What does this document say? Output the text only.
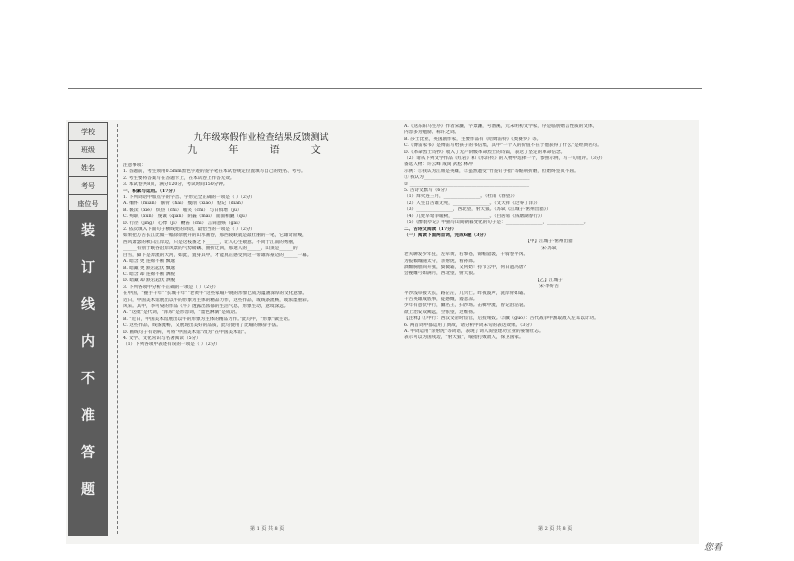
学校
班级
姓名
考号
座位号
装
订
线
内
不
准
答
题

九年级寒假作业检查结果反馈测试

九 年 语 文

注意事项：

1. 答题前，考生须用0.5mm黑色字迹的签字笔在本试卷规定位置填写自己的姓名、考号。

2. 考生要将答案写在答题卡上，在本试卷上作答无效。

3. 本试卷共8页，满分120分，考试时间150分钟。

一、积累与运用。（17分）

1. 下列词语中加点字的字音、字形完全正确的一项是（ ）（2分）

A. 缅怀（miǎn） 骸骨（hái） 瘦削（xiāo） 惦记（diàn）

B. 亵渎（xiè） 炽热（chì） 嗤笑（chī） 与日俱增（jù）

C. 殉职（xùn） 虔诚（qián） 阴霾（mái） 面面相觑（qù）

D. 行径（jìng） 心悸（jì） 鞭笞（chī） 言简意赅（gāi）

2. 依次填入下面句子横线处的词语，最恰当的一项是（ ）（2分）

如果把万古长江比做一幅徐徐展开的山水画卷，那西陵峡就是最壮丽的一笔，它雄奇险峻，

西风萧瑟的秋日江岸边，只是这枝番之下______，让人心生敬意。不同于江南的秀丽，

______有别于峡谷沿岸风景的气势磅礴、曲折迂回，那迷人的______，山顶是______的

白雪，脚下是奔流的大河，如此，置身其中，才能真正感受到这一带雄浑豪迈的______一幕。

A. 暗含 更 连绵不断 飘逸

B. 暗藏 更 跌宕起伏 飘逸

C. 暗含 却 连绵不断 洒脱

D. 暗藏 却 跌宕起伏 洒脱

3. 下列各项中分析不正确的一项是（ ）（2分）

在中国，“握手千年”“长城千年”“老黄牛”这些家喻户晓的形象已成为蕴涵深厚的文化意象。

近日，中国美术馆展出以牛的形象为主体的精品力作，这些作品，或线条流畅，或浓墨重彩。

风采。其中，李可染的作品《牛》透露出浓郁的生活气息，形象生动，意境深远。

A. “这批”是代词，“浑厚”是形容词，“墨色淋漓”是成语。

B. “近日，中国美术馆展出以牛的形象为主体的精品力作。”此句中，“形象”做主语。

C. 这些作品，线条流畅，又展现出美好的品质，此句使用了比喻的修辞手法。

D. 画线句子有语病，可将“中国美术馆”改为“在中国美术馆”。

4. 文学、文化常识与名著阅读（5分）

（1）下列各项中表述有误的一项是（ ）（2分）

A.《送东阳马生序》作者宋濂，字景濂，号潜溪，元末明初文学家，序是临别赠言性质的文体，

内容多为勉励、称许之词。

B. 莎士比亚，英国剧作家，主要作品有《哈姆雷特》《奥赛罗》等。

C.《傅雷家书》是傅雷写给孩子的书信集，其中“一个人的价值不在于他获得了什么”是经典名句。

D.《革命烈士诗抄》收入了无产阶级革命烈士的诗篇，表达了坚定的革命信念。

（2）请从下列文学作品《红岩》和《水浒传》的人物中选择一个，参照示例，写一句短评。（3分）

备选人物：许云峰 成岗 武松 林冲

示例：①我认为江姐是英雄，②虽然遭受“竹签钉手指”等酷刑折磨，但始终坚贞不屈。

① 我认为______________________________________________

② ____________________________________________________

5. 古诗文默写（6分）

（1）烽火连三月，________________。（杜甫《春望》）

（2）人生自古谁无死，________________。（文天祥《过零丁洋》）

（3）________________，西北望，射天狼。（苏轼《江城子·密州出猎》）

（4）几处早莺争暖树，________________。（白居易《钱塘湖春行》）

（5）《醉翁亭记》中描写山间朝暮变化的句子是：________________，________________。

二、古诗文阅读（17分）

（一）阅读下面两首词，完成6题（3分）

【甲】江城子·密州出猎

宋·苏轼

老夫聊发少年狂，左牵黄，右擎苍，锦帽貂裘，千骑卷平冈。

为报倾城随太守，亲射虎，看孙郎。

酒酣胸胆尚开张，鬓微霜，又何妨！持节云中，何日遣冯唐？

会挽雕弓如满月，西北望，射天狼。

【乙】江城子

宋·李好古

平沙浅草接天长，路茫茫，几兴亡。昨夜波声，洗岸骨如霜。

千古英雄成底事，徒感慨，谩悲凉。

少年有意伏中行，馘名王，扫沙场。击楫中流，曾记泪沾裳。

欲上治安双阙远，空怅望，过维扬。

【注释】①中行：西汉文帝时宦官，后投匈奴。②馘（guó）：古代战争中割取敌人左耳以计功。

6. 两首词中都运用了典故，请分析甲词末句的表达效果。（3分）

A. 甲词运用“亲射虎”等词语，表现了词人渴望建功立业的豪情壮志。

表示可以为国戍边，“射天狼”，喻指打败敌人，保卫国家。

第 1 页 共 8 页	第 2 页 共 8 页
您看
